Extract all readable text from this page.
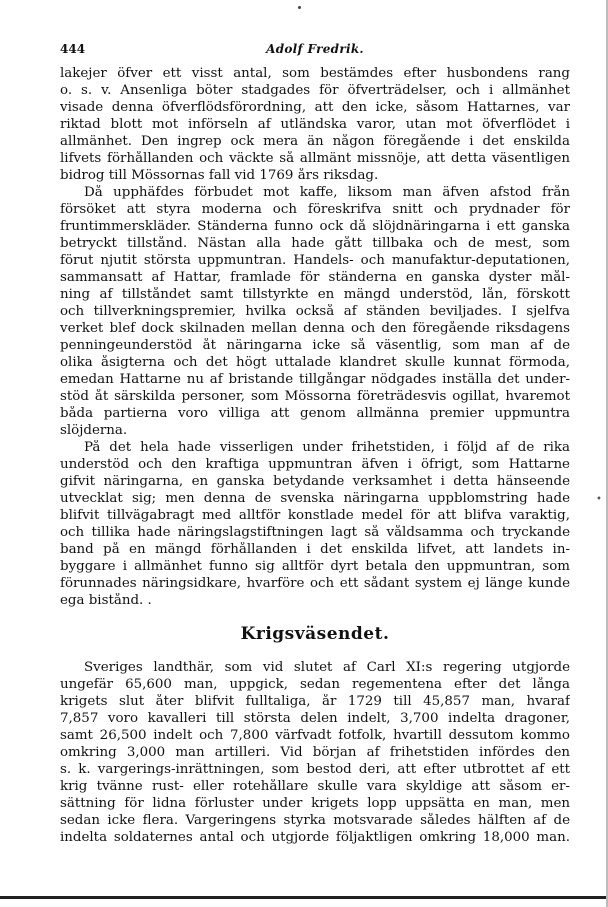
444	Adolf Fredrik.
lakejer öfver ett visst antal, som bestämdes efter husbondens rang
o. s. v. Ansenliga böter stadgades för öfverträdelser, och i allmänhet
visade denna öfverflödsförordning, att den icke, såsom Hattarnes, var
riktad blott mot införseln af utländska varor, utan mot öfverflödet i
allmänhet. Den ingrep ock mera än någon föregående i det enskilda
lifvets förhållanden och väckte så allmänt missnöje, att detta väsentligen
bidrog till Mössornas fall vid 1769 års riksdag.
Då upphäfdes förbudet mot kaffe, liksom man äfven afstod från
försöket att styra moderna och föreskrifva snitt och prydnader för
fruntimmerskläder. Ständerna funno ock då slöjdnäringarna i ett ganska
betryckt tillstånd. Nästan alla hade gått tillbaka och de mest, som
förut njutit största uppmuntran. Handels- och manufaktur-deputationen,
sammansatt af Hattar, framlade för ständerna en ganska dyster mål-
ning af tillståndet samt tillstyrkte en mängd understöd, lån, förskott
och tillverkningspremier, hvilka också af ständen beviljades. I sjelfva
verket blef dock skilnaden mellan denna och den föregående riksdagens
penningeunderstöd åt näringarna icke så väsentlig, som man af de
olika åsigterna och det högt uttalade klandret skulle kunnat förmoda,
emedan Hattarne nu af bristande tillgångar nödgades inställa det under-
stöd åt särskilda personer, som Mössorna företrädesvis ogillat, hvaremot
båda partierna voro villiga att genom allmänna premier uppmuntra
slöjderna.
På det hela hade visserligen under frihetstiden, i följd af de rika
understöd och den kraftiga uppmuntran äfven i öfrigt, som Hattarne
gifvit näringarna, en ganska betydande verksamhet i detta hänseende
utvecklat sig; men denna de svenska näringarna uppblomstring hade
blifvit tillvägabragt med alltför konstlade medel för att blifva varaktig,
och tillika hade näringslagstiftningen lagt så våldsamma och tryckande
band på en mängd förhållanden i det enskilda lifvet, att landets in-
byggare i allmänhet funno sig alltför dyrt betala den uppmuntran, som
förunnades näringsidkare, hvarföre och ett sådant system ej länge kunde
ega bistånd. .
Krigsväsendet.
Sveriges landthär, som vid slutet af Carl XI:s regering utgjorde
ungefär 65,600 man, uppgick, sedan regementena efter det långa
krigets slut åter blifvit fulltaliga, år 1729 till 45,857 man, hvaraf
7,857 voro kavalleri till största delen indelt, 3,700 indelta dragoner,
samt 26,500 indelt och 7,800 värfvadt fotfolk, hvartill dessutom kommo
omkring 3,000 man artilleri. Vid början af frihetstiden infördes den
s. k. vargerings-inrättningen, som bestod deri, att efter utbrottet af ett
krig tvänne rust- eller rotehållare skulle vara skyldige att såsom er-
sättning för lidna förluster under krigets lopp uppsätta en man, men
sedan icke flera. Vargeringens styrka motsvarade således hälften af de
indelta soldaternes antal och utgjorde följaktligen omkring 18,000 man.
•
